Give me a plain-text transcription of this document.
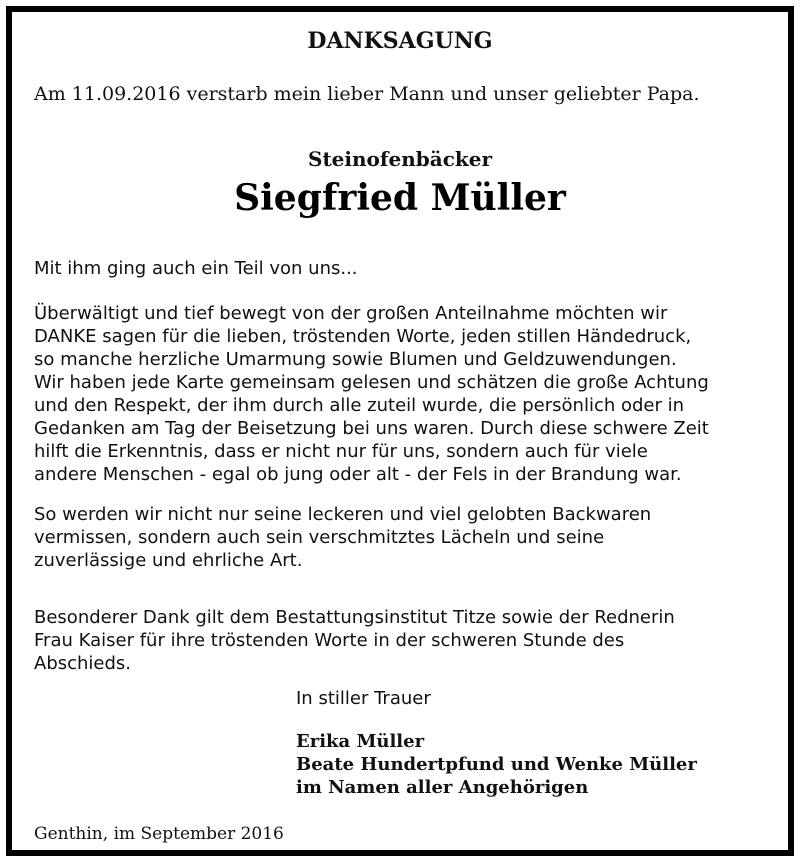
DANKSAGUNG
Am 11.09.2016 verstarb mein lieber Mann und unser geliebter Papa.
Steinofenbäcker
Siegfried Müller
Mit ihm ging auch ein Teil von uns...
Überwältigt und tief bewegt von der großen Anteilnahme möchten wir
DANKE sagen für die lieben, tröstenden Worte, jeden stillen Händedruck,
so manche herzliche Umarmung sowie Blumen und Geldzuwendungen.
Wir haben jede Karte gemeinsam gelesen und schätzen die große Achtung
und den Respekt, der ihm durch alle zuteil wurde, die persönlich oder in
Gedanken am Tag der Beisetzung bei uns waren. Durch diese schwere Zeit
hilft die Erkenntnis, dass er nicht nur für uns, sondern auch für viele
andere Menschen - egal ob jung oder alt - der Fels in der Brandung war.
So werden wir nicht nur seine leckeren und viel gelobten Backwaren
vermissen, sondern auch sein verschmitztes Lächeln und seine
zuverlässige und ehrliche Art.
Besonderer Dank gilt dem Bestattungsinstitut Titze sowie der Rednerin
Frau Kaiser für ihre tröstenden Worte in der schweren Stunde des
Abschieds.
In stiller Trauer
Erika Müller
Beate Hundertpfund und Wenke Müller
im Namen aller Angehörigen
Genthin, im September 2016
